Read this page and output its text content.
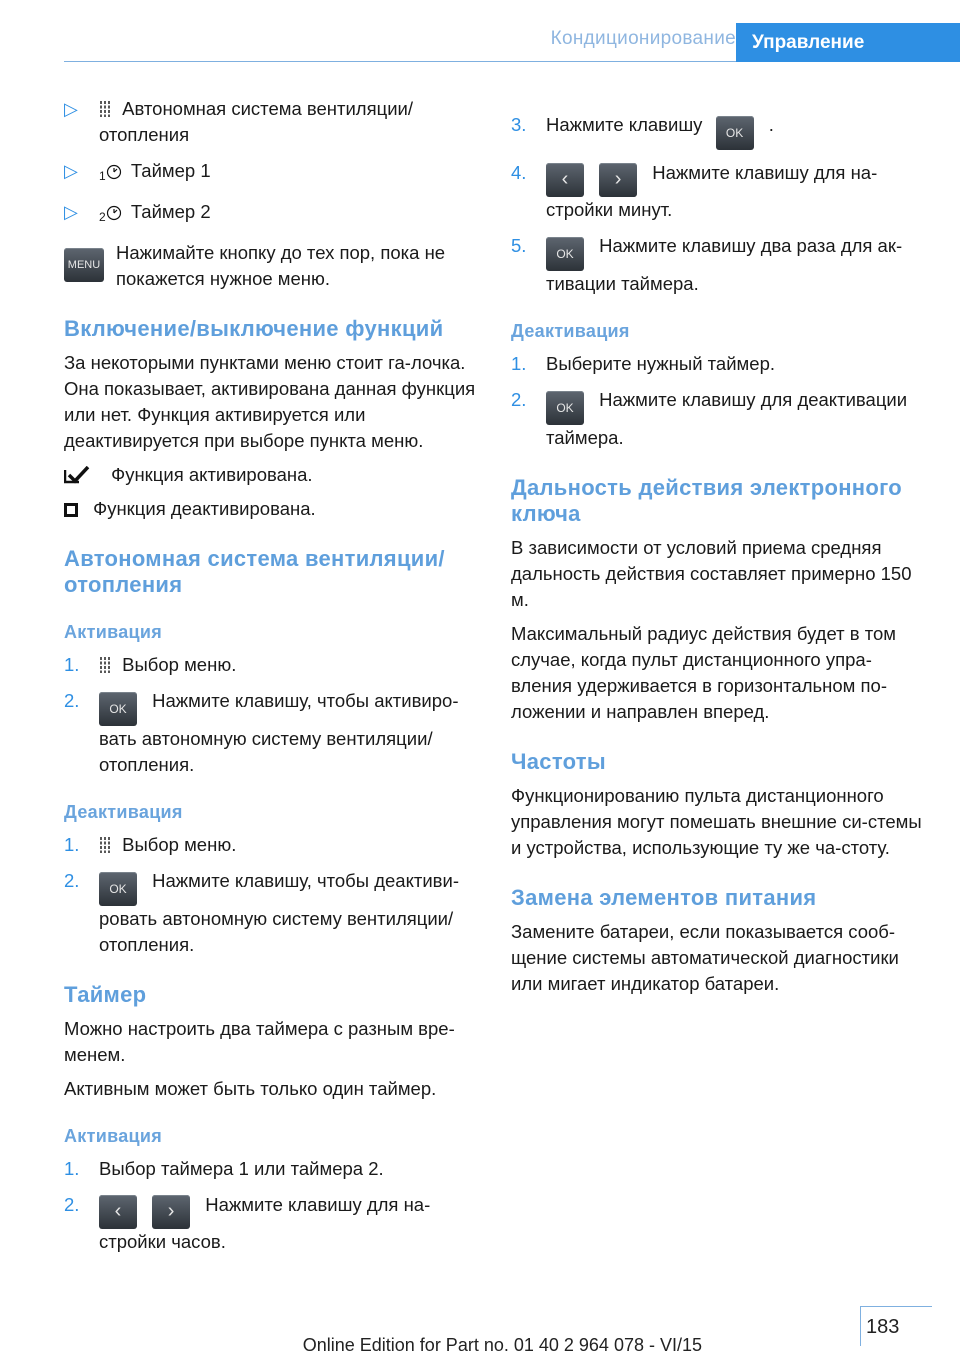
Кондиционирование Управление
▷ Автономная система вентиляции/ отопления
▷ 1 Таймер 1
▷ 2 Таймер 2
MENU

Нажимайте кнопку до тех пор, пока не покажется нужное меню.

Включение/выключение функций

За некоторыми пунктами меню стоит га-лочка. Она показывает, активирована данная функция или нет. Функция активируется или деактивируется при выборе пункта меню.

Функция активирована.

Функция деактивирована.

Автономная система вентиляции/ отопления
Активация
1. Выбор меню.
2. OK Нажмите клавишу, чтобы активиро-вать автономную систему вентиляции/ отопления.
Деактивация
1. Выбор меню.
2. OK Нажмите клавишу, чтобы деактиви-ровать автономную систему вентиляции/ отопления.
Таймер

Можно настроить два таймера с разным вре-менем.

Активным может быть только один таймер.

Активация
1. Выбор таймера 1 или таймера 2.
2. ‹ › Нажмите клавишу для на-стройки часов.
3. Нажмите клавишу OK .
4. ‹ › Нажмите клавишу для на-стройки минут.
5. OK Нажмите клавишу два раза для ак-тивации таймера.
Деактивация
1. Выберите нужный таймер.
2. OK Нажмите клавишу для деактивации таймера.
Дальность действия электронного ключа

В зависимости от условий приема средняя дальность действия составляет примерно 150 м.

Максимальный радиус действия будет в том случае, когда пульт дистанционного упра-вления удерживается в горизонтальном по-ложении и направлен вперед.

Частоты

Функционированию пульта дистанционного управления могут помешать внешние си-стемы и устройства, использующие ту же ча-стоту.

Замена элементов питания

Замените батареи, если показывается сооб-щение системы автоматической диагностики или мигает индикатор батареи.

183
Online Edition for Part no. 01 40 2 964 078 - VI/15
